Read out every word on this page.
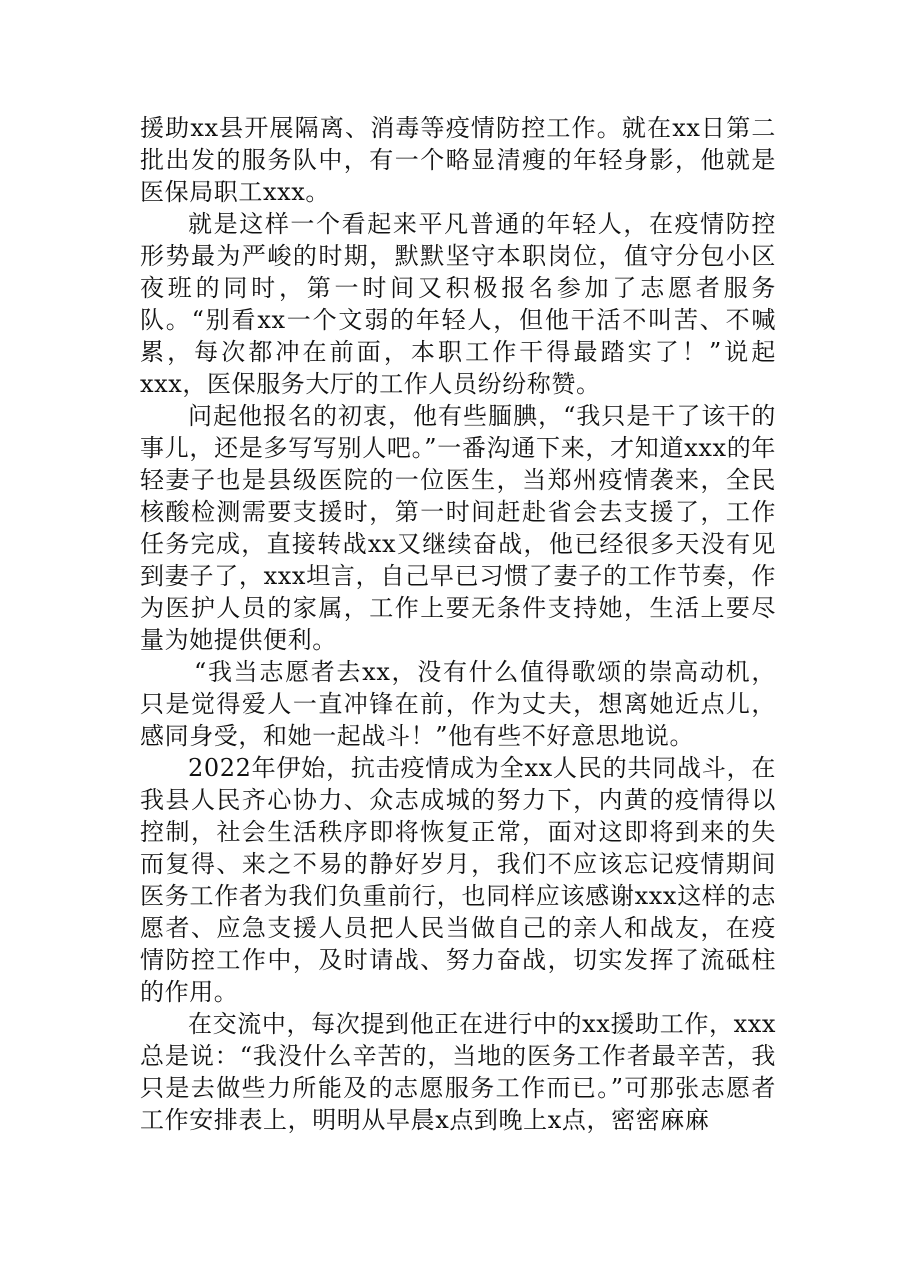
援助xx县开展隔离、消毒等疫情防控工作。就在xx日第二批出发的服务队中，有一个略显清瘦的年轻身影，他就是医保局职工xxx。

就是这样一个看起来平凡普通的年轻人，在疫情防控形势最为严峻的时期，默默坚守本职岗位，值守分包小区夜班的同时，第一时间又积极报名参加了志愿者服务队。“别看xx一个文弱的年轻人，但他干活不叫苦、不喊累，每次都冲在前面，本职工作干得最踏实了！”说起xxx，医保服务大厅的工作人员纷纷称赞。

问起他报名的初衷，他有些腼腆，“我只是干了该干的事儿，还是多写写别人吧。”一番沟通下来，才知道xxx的年轻妻子也是县级医院的一位医生，当郑州疫情袭来，全民核酸检测需要支援时，第一时间赶赴省会去支援了，工作任务完成，直接转战xx又继续奋战，他已经很多天没有见到妻子了，xxx坦言，自己早已习惯了妻子的工作节奏，作为医护人员的家属，工作上要无条件支持她，生活上要尽量为她提供便利。

“我当志愿者去xx，没有什么值得歌颂的崇高动机，只是觉得爱人一直冲锋在前，作为丈夫，想离她近点儿，感同身受，和她一起战斗！”他有些不好意思地说。

2022年伊始，抗击疫情成为全xx人民的共同战斗，在我县人民齐心协力、众志成城的努力下，内黄的疫情得以控制，社会生活秩序即将恢复正常，面对这即将到来的失而复得、来之不易的静好岁月，我们不应该忘记疫情期间医务工作者为我们负重前行，也同样应该感谢xxx这样的志愿者、应急支援人员把人民当做自己的亲人和战友，在疫情防控工作中，及时请战、努力奋战，切实发挥了流砥柱的作用。

在交流中，每次提到他正在进行中的xx援助工作，xxx总是说：“我没什么辛苦的，当地的医务工作者最辛苦，我只是去做些力所能及的志愿服务工作而已。”可那张志愿者工作安排表上，明明从早晨x点到晚上x点，密密麻麻
